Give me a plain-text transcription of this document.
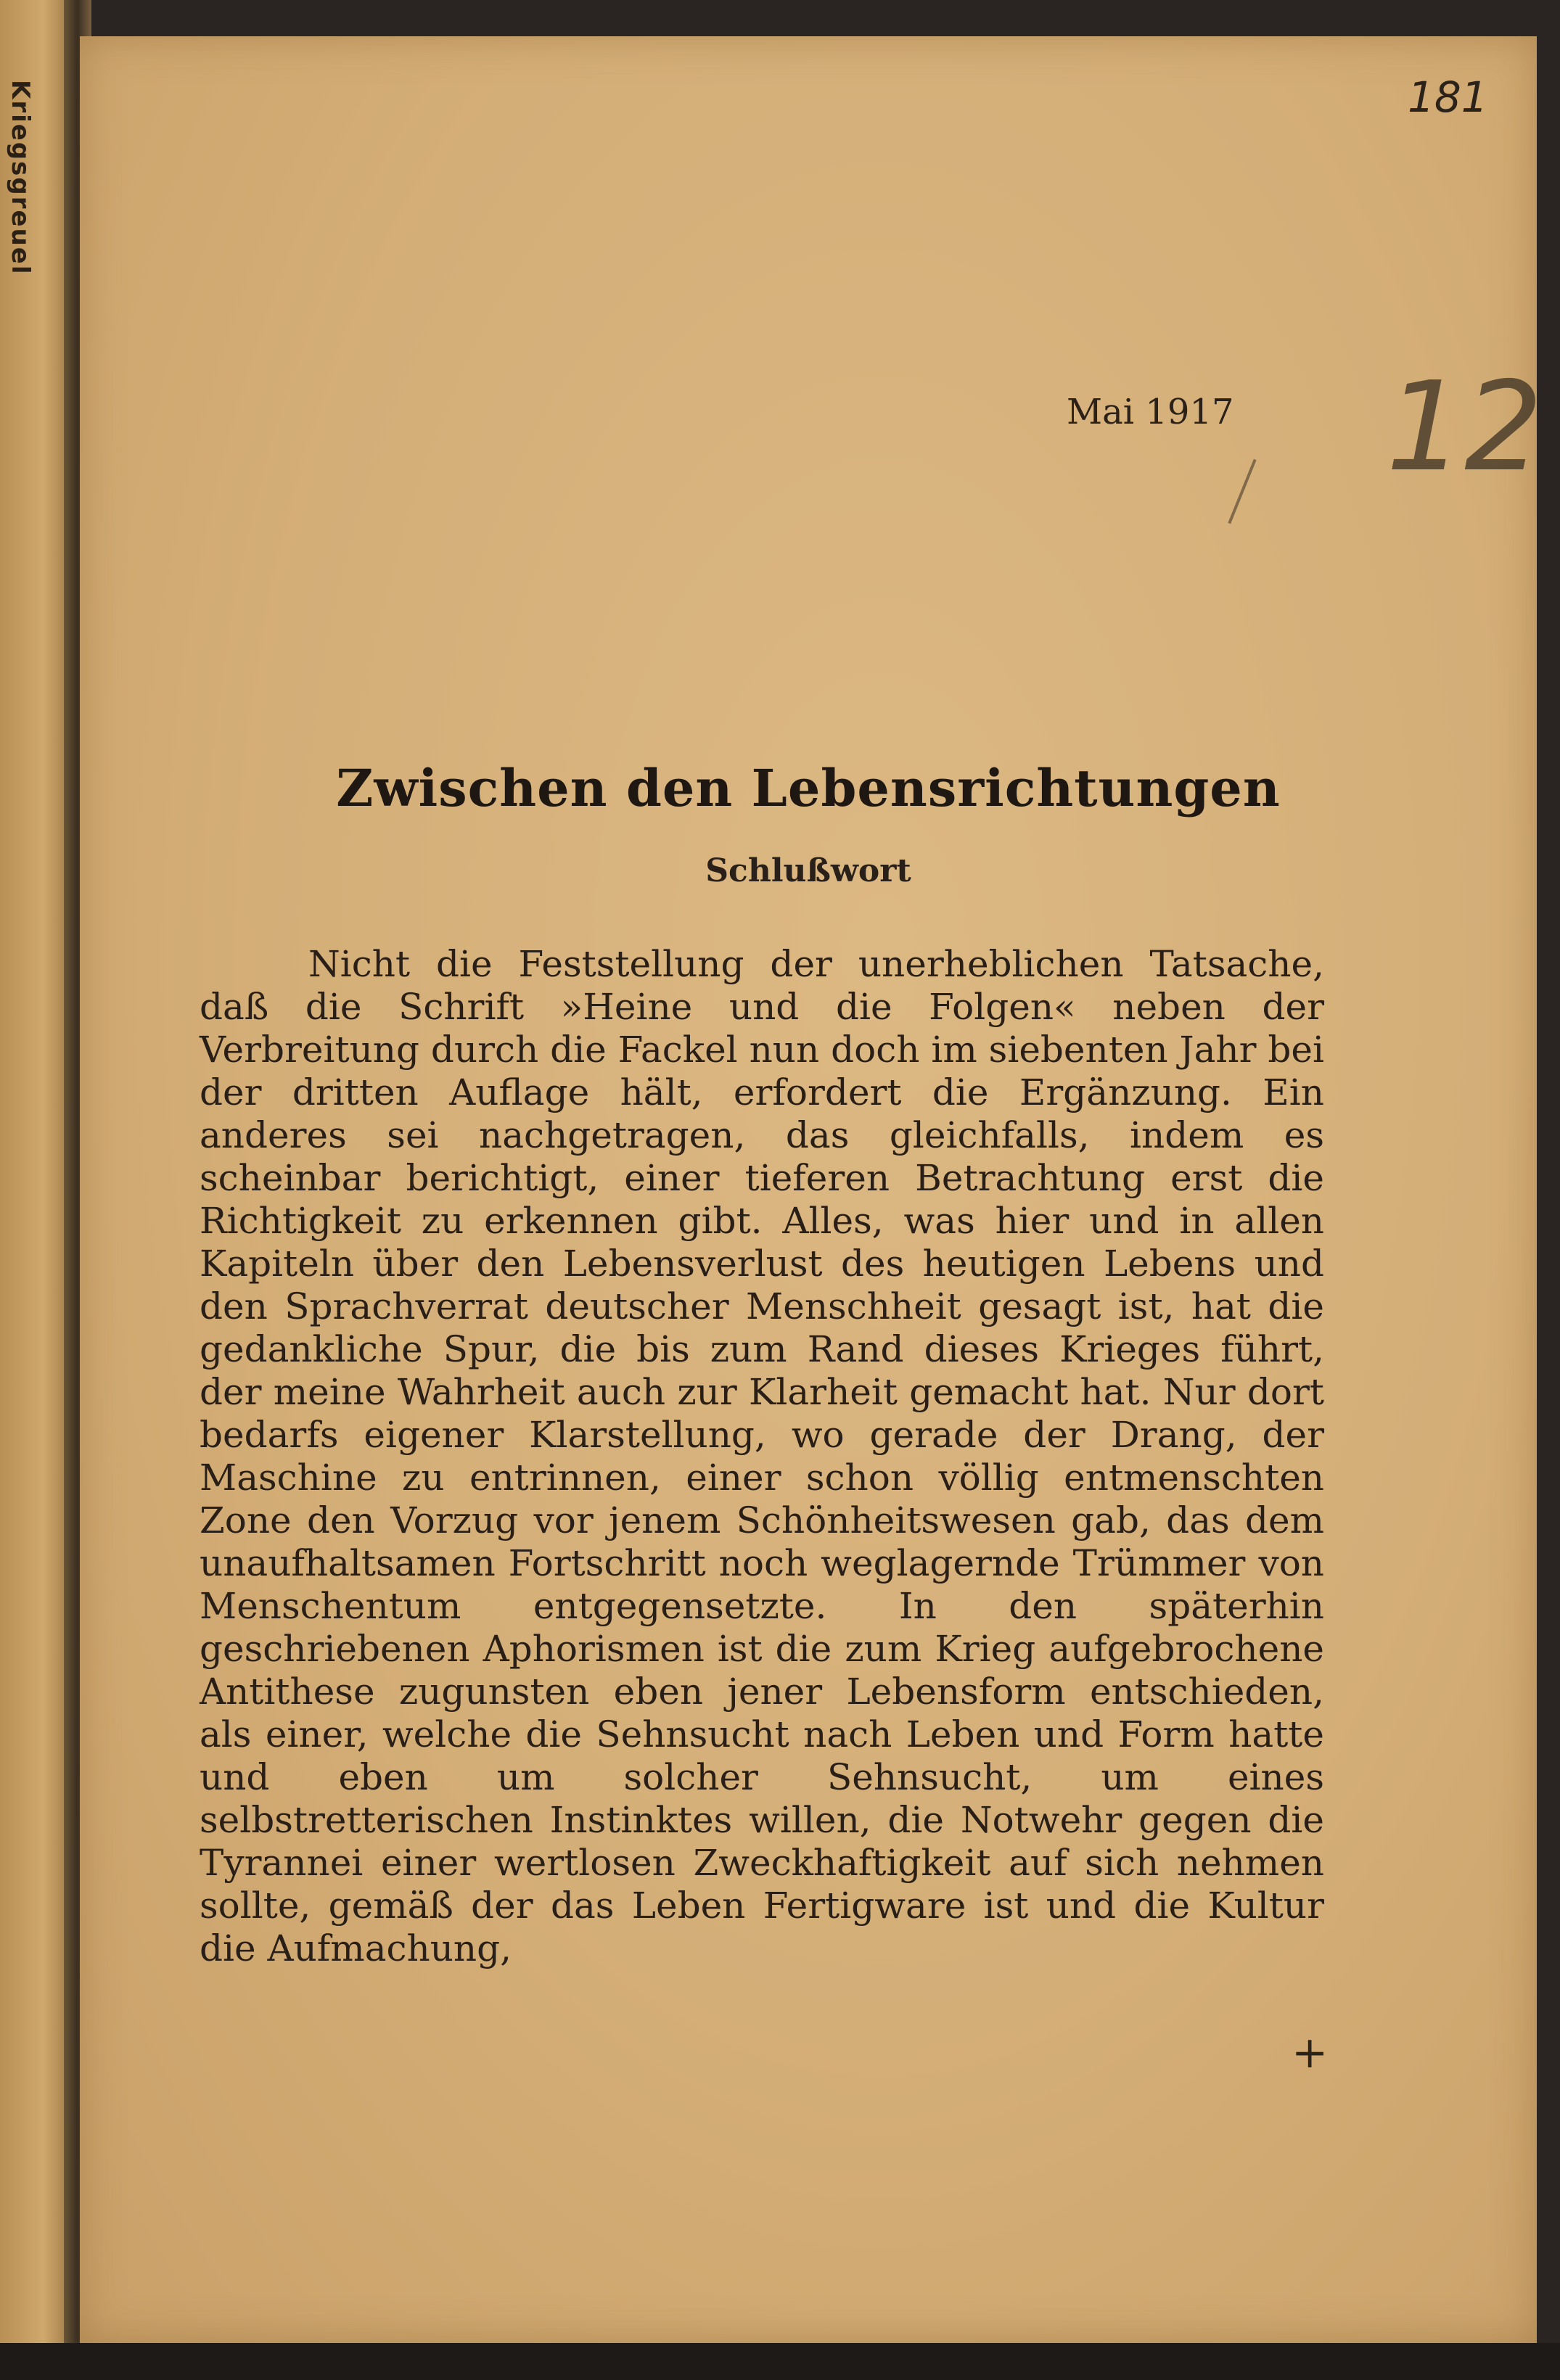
Kriegsgreuel	181
Mai 1917 12
Zwischen den Lebensrichtungen
Schlußwort
Nicht die Feststellung der unerheblichen Tatsache, daß die Schrift »Heine und die Folgen« neben der Verbreitung durch die Fackel nun doch im siebenten Jahr bei der dritten Auflage hält, erfordert die Ergänzung. Ein anderes sei nachgetragen, das gleichfalls, indem es scheinbar berichtigt, einer tieferen Betrachtung erst die Richtigkeit zu erkennen gibt. Alles, was hier und in allen Kapiteln über den Lebensverlust des heutigen Lebens und den Sprachverrat deutscher Menschheit gesagt ist, hat die gedankliche Spur, die bis zum Rand dieses Krieges führt, der meine Wahrheit auch zur Klarheit gemacht hat. Nur dort bedarfs eigener Klarstellung, wo gerade der Drang, der Maschine zu entrinnen, einer schon völlig entmenschten Zone den Vorzug vor jenem Schönheitswesen gab, das dem unaufhaltsamen Fortschritt noch weglagernde Trümmer von Menschentum entgegensetzte. In den späterhin geschriebenen Aphorismen ist die zum Krieg aufgebrochene Antithese zugunsten eben jener Lebensform entschieden, als einer, welche die Sehnsucht nach Leben und Form hatte und eben um solcher Sehnsucht, um eines selbstretterischen Instinktes willen, die Notwehr gegen die Tyrannei einer wertlosen Zweckhaftigkeit auf sich nehmen sollte, gemäß der das Leben Fertigware ist und die Kultur die Aufmachung,
+
